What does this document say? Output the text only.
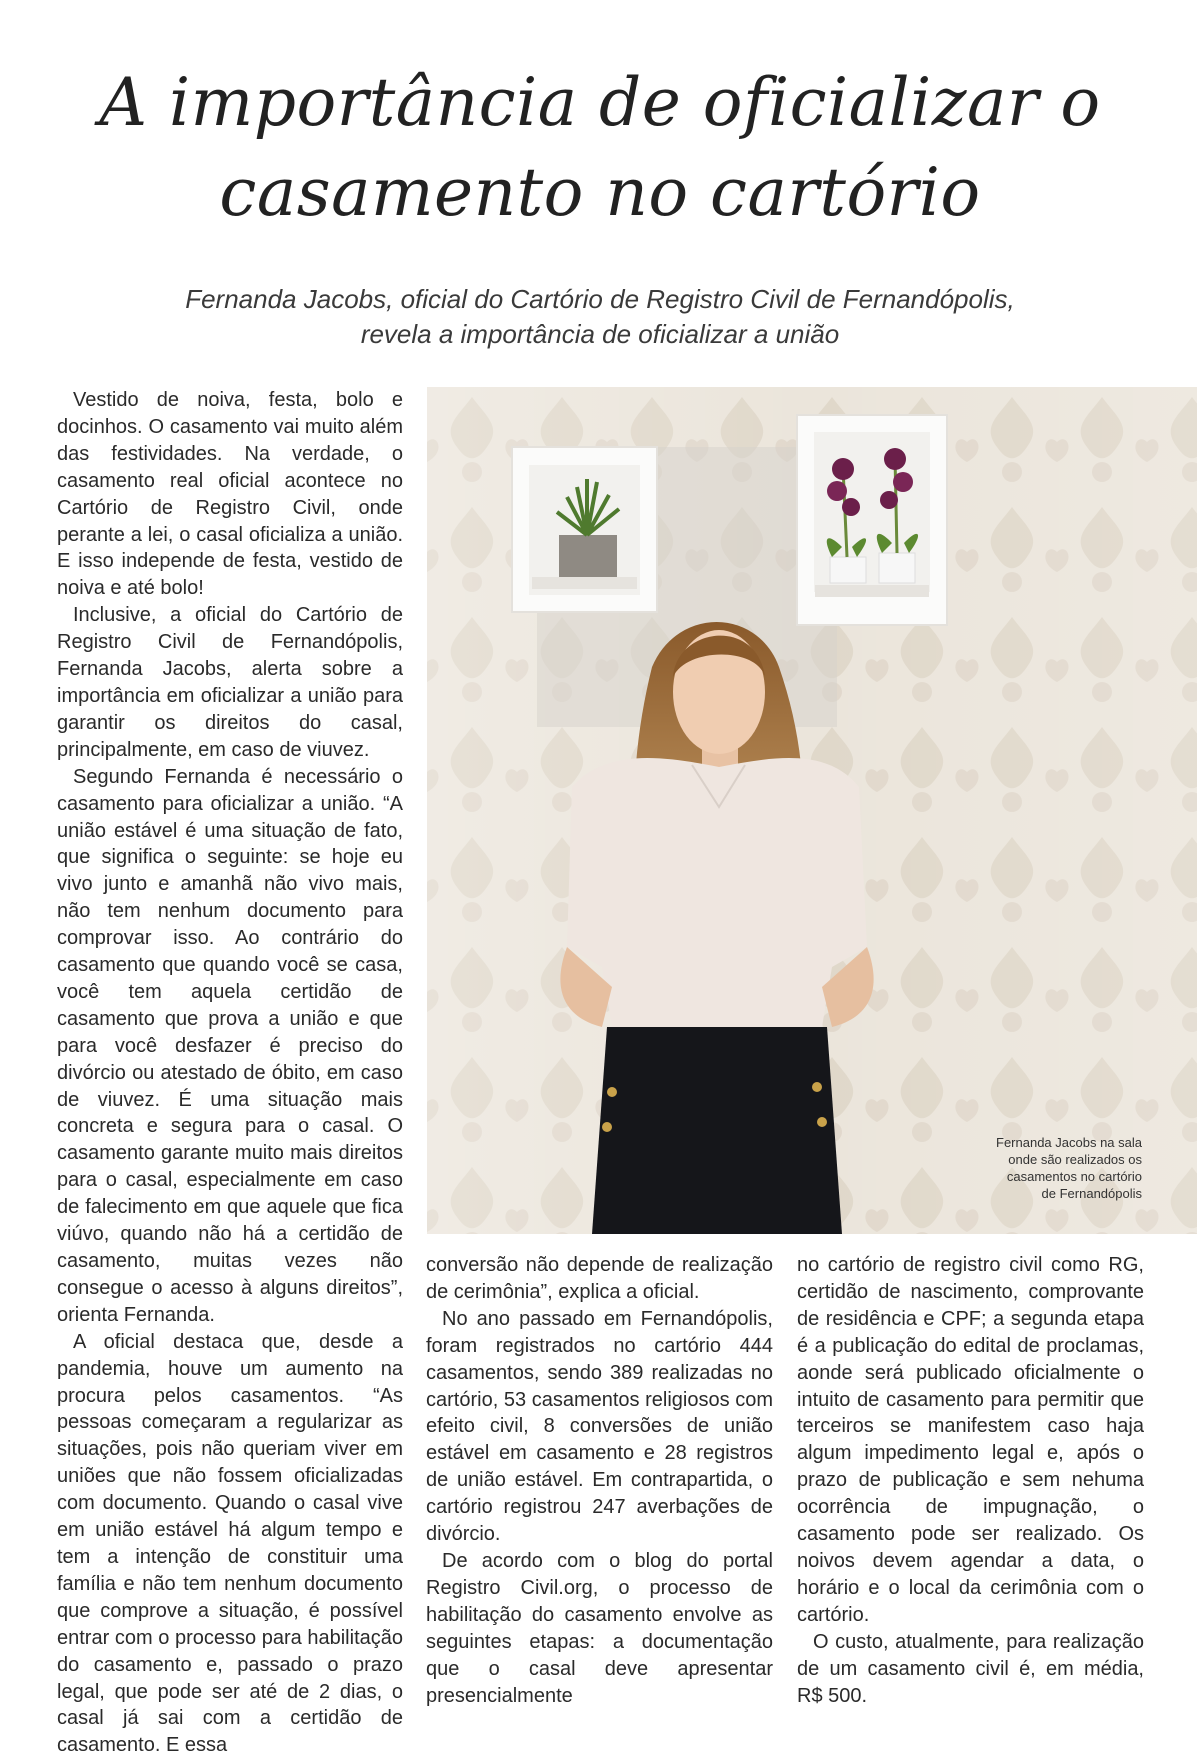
A importância de oficializar o
casamento no cartório
Fernanda Jacobs, oficial do Cartório de Registro Civil de Fernandópolis,
revela a importância de oficializar a união

Vestido de noiva, festa, bolo e docinhos. O casamento vai muito além das festividades. Na verdade, o casamento real oficial acontece no Cartório de Registro Civil, onde perante a lei, o casal oficializa a união. E isso independe de festa, vestido de noiva e até bolo!

Inclusive, a oficial do Cartório de Registro Civil de Fernandópolis, Fernanda Jacobs, alerta sobre a importância em oficializar a união para garantir os direitos do casal, principalmente, em caso de viuvez.

Segundo Fernanda é necessário o casamento para oficializar a união. “A união estável é uma situação de fato, que significa o seguinte: se hoje eu vivo junto e amanhã não vivo mais, não tem nenhum documento para comprovar isso. Ao contrário do casamento que quando você se casa, você tem aquela certidão de casamento que prova a união e que para você desfazer é preciso do divórcio ou atestado de óbito, em caso de viuvez. É uma situação mais concreta e segura para o casal. O casamento garante muito mais direitos para o casal, especialmente em caso de falecimento em que aquele que fica viúvo, quando não há a certidão de casamento, muitas vezes não consegue o acesso à alguns direitos”, orienta Fernanda.

A oficial destaca que, desde a pandemia, houve um aumento na procura pelos casamentos. “As pessoas começaram a regularizar as situações, pois não queriam viver em uniões que não fossem oficializadas com documento. Quando o casal vive em união estável há algum tempo e tem a intenção de constituir uma família e não tem nenhum documento que comprove a situação, é possível entrar com o processo para habilitação do casamento e, passado o prazo legal, que pode ser até de 2 dias, o casal já sai com a certidão de casamento. E essa

Fernanda Jacobs na sala
onde são realizados os
casamentos no cartório
de Fernandópolis

conversão não depende de realização de cerimônia”, explica a oficial.

No ano passado em Fernandópolis, foram registrados no cartório 444 casamentos, sendo 389 realizadas no cartório, 53 casamentos religiosos com efeito civil, 8 conversões de união estável em casamento e 28 registros de união estável. Em contrapartida, o cartório registrou 247 averbações de divórcio.

De acordo com o blog do portal Registro Civil.org, o processo de habilitação do casamento envolve as seguintes etapas: a documentação que o casal deve apresentar presencialmente

no cartório de registro civil como RG, certidão de nascimento, comprovante de residência e CPF; a segunda etapa é a publicação do edital de proclamas, aonde será publicado oficialmente o intuito de casamento para permitir que terceiros se manifestem caso haja algum impedimento legal e, após o prazo de publicação e sem nehuma ocorrência de impugnação, o casamento pode ser realizado. Os noivos devem agendar a data, o horário e o local da cerimônia com o cartório.

O custo, atualmente, para realização de um casamento civil é, em média, R$ 500.
